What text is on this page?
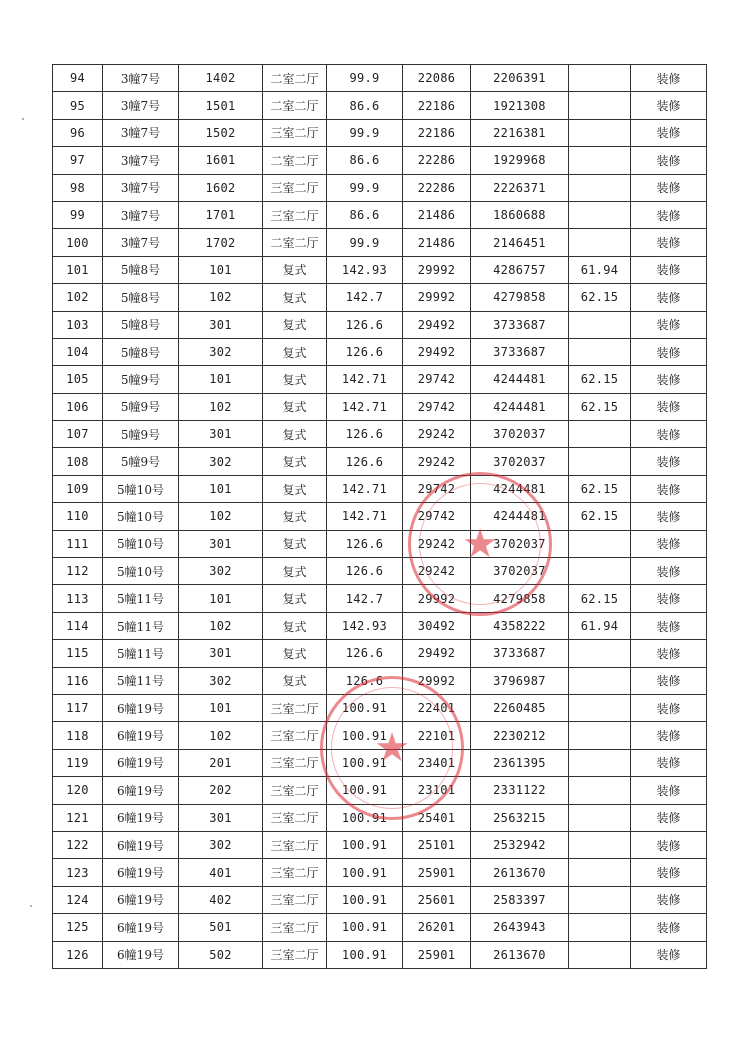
94	3幢7号	1402	二室二厅	99.9	22086	2206391		装修
95	3幢7号	1501	二室二厅	86.6	22186	1921308		装修
96	3幢7号	1502	三室二厅	99.9	22186	2216381		装修
97	3幢7号	1601	二室二厅	86.6	22286	1929968		装修
98	3幢7号	1602	三室二厅	99.9	22286	2226371		装修
99	3幢7号	1701	三室二厅	86.6	21486	1860688		装修
100	3幢7号	1702	二室二厅	99.9	21486	2146451		装修
101	5幢8号	101	复式	142.93	29992	4286757	61.94	装修
102	5幢8号	102	复式	142.7	29992	4279858	62.15	装修
103	5幢8号	301	复式	126.6	29492	3733687		装修
104	5幢8号	302	复式	126.6	29492	3733687		装修
105	5幢9号	101	复式	142.71	29742	4244481	62.15	装修
106	5幢9号	102	复式	142.71	29742	4244481	62.15	装修
107	5幢9号	301	复式	126.6	29242	3702037		装修
108	5幢9号	302	复式	126.6	29242	3702037		装修
109	5幢10号	101	复式	142.71	29742	4244481	62.15	装修
110	5幢10号	102	复式	142.71	29742	4244481	62.15	装修
111	5幢10号	301	复式	126.6	29242	3702037		装修
112	5幢10号	302	复式	126.6	29242	3702037		装修
113	5幢11号	101	复式	142.7	29992	4279858	62.15	装修
114	5幢11号	102	复式	142.93	30492	4358222	61.94	装修
115	5幢11号	301	复式	126.6	29492	3733687		装修
116	5幢11号	302	复式	126.6	29992	3796987		装修
117	6幢19号	101	三室二厅	100.91	22401	2260485		装修
118	6幢19号	102	三室二厅	100.91	22101	2230212		装修
119	6幢19号	201	三室二厅	100.91	23401	2361395		装修
120	6幢19号	202	三室二厅	100.91	23101	2331122		装修
121	6幢19号	301	三室二厅	100.91	25401	2563215		装修
122	6幢19号	302	三室二厅	100.91	25101	2532942		装修
123	6幢19号	401	三室二厅	100.91	25901	2613670		装修
124	6幢19号	402	三室二厅	100.91	25601	2583397		装修
125	6幢19号	501	三室二厅	100.91	26201	2643943		装修
126	6幢19号	502	三室二厅	100.91	25901	2613670		装修
★
★
